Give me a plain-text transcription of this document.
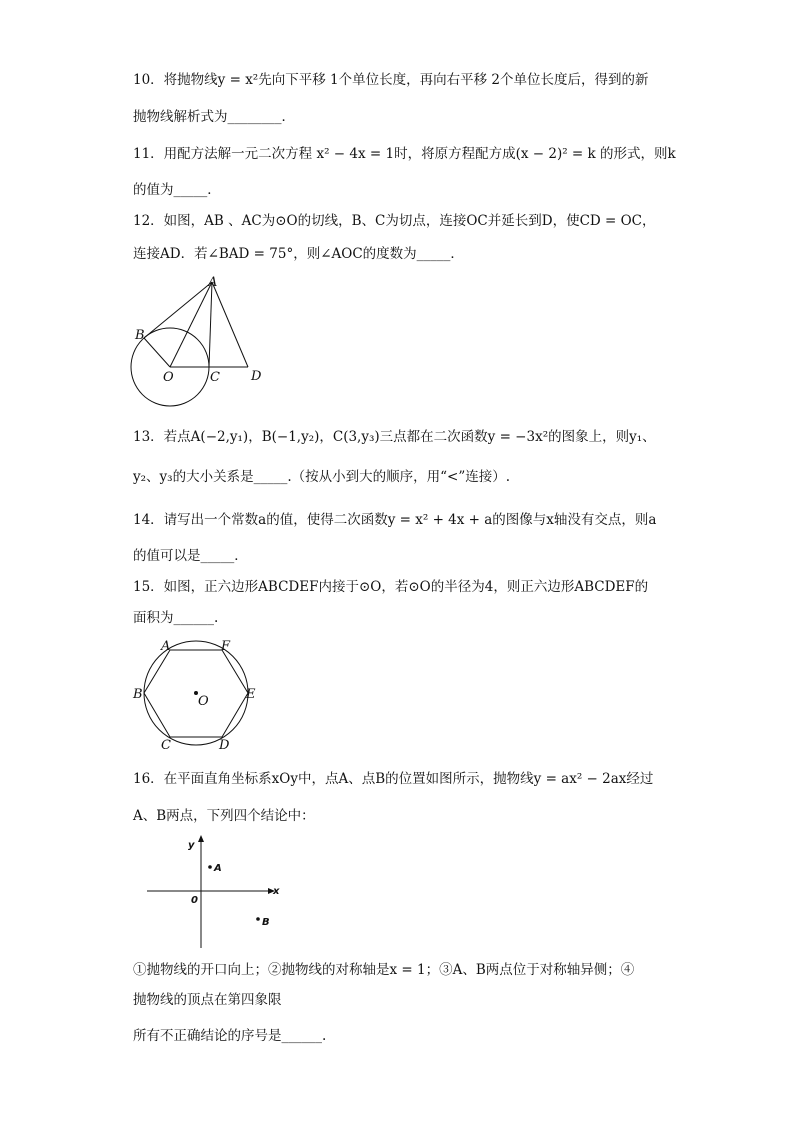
10．将抛物线y = x²先向下平移 1个单位长度，再向右平移 2个单位长度后，得到的新
抛物线解析式为________．
11．用配方法解一元二次方程 x² − 4x = 1时，将原方程配方成(x − 2)² = k 的形式，则k
的值为_____．
12．如图，AB 、AC为⊙O的切线，B、C为切点，连接OC并延长到D，使CD = OC，
连接AD．若∠BAD = 75°，则∠AOC的度数为_____．
A
B
O	C D
13．若点A(−2,y₁)，B(−1,y₂)，C(3,y₃)三点都在二次函数y = −3x²的图象上，则y₁、
y₂、y₃的大小关系是_____.（按从小到大的顺序，用“<”连接）.
14．请写出一个常数a的值，使得二次函数y = x² + 4x + a的图像与x轴没有交点，则a
的值可以是_____．
15．如图，正六边形ABCDEF内接于⊙O，若⊙O的半径为4，则正六边形ABCDEF的
面积为______.
A	F
B	E
C	D
O
16．在平面直角坐标系xOy中，点A、点B的位置如图所示，抛物线y = ax² − 2ax经过
A、B两点，下列四个结论中：
y
x
0
A
B
①抛物线的开口向上；②抛物线的对称轴是x = 1；③A、B两点位于对称轴异侧；④
抛物线的顶点在第四象限
所有不正确结论的序号是______.
